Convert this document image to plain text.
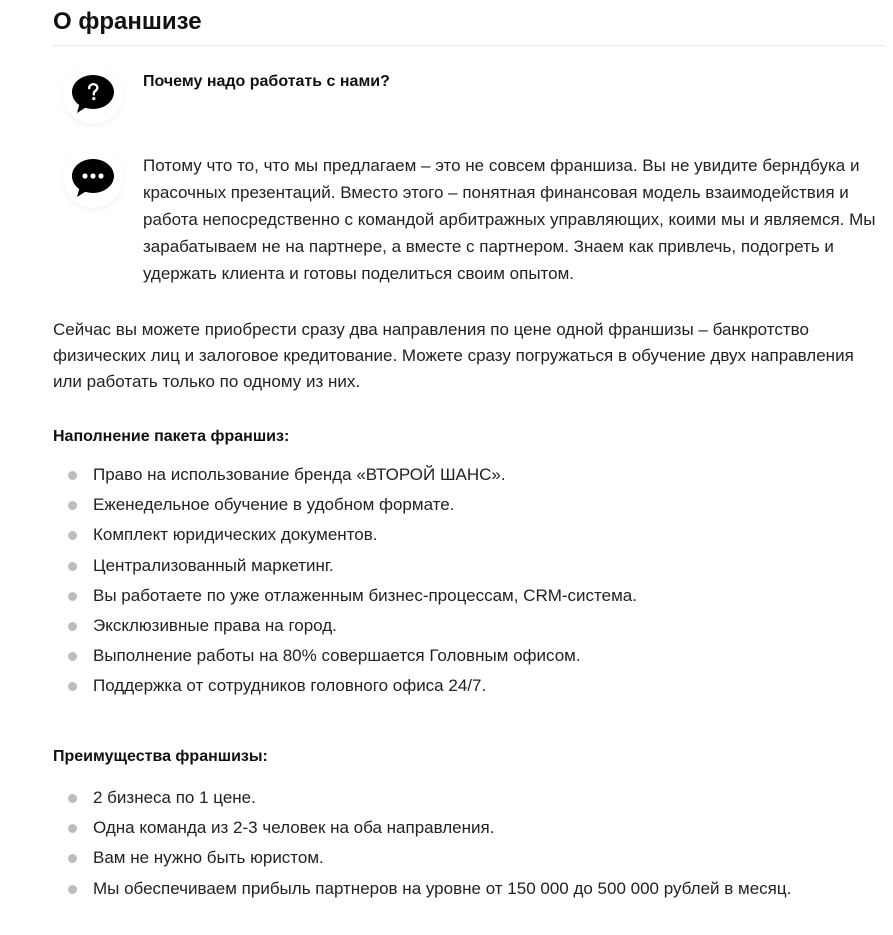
О франшизе

Почему надо работать с нами?

Потому что то, что мы предлагаем – это не совсем франшиза. Вы не увидите берндбука и красочных презентаций. Вместо этого – понятная финансовая модель взаимодействия и работа непосредственно с командой арбитражных управляющих, коими мы и являемся. Мы зарабатываем не на партнере, а вместе с партнером. Знаем как привлечь, подогреть и удержать клиента и готовы поделиться своим опытом.

Сейчас вы можете приобрести сразу два направления по цене одной франшизы – банкротство физических лиц и залоговое кредитование. Можете сразу погружаться в обучение двух направления или работать только по одному из них.

Наполнение пакета франшиз:
Право на использование бренда «ВТОРОЙ ШАНС».
Еженедельное обучение в удобном формате.
Комплект юридических документов.
Централизованный маркетинг.
Вы работаете по уже отлаженным бизнес-процессам, CRM-система.
Эксклюзивные права на город.
Выполнение работы на 80% совершается Головным офисом.
Поддержка от сотрудников головного офиса 24/7.
Преимущества франшизы:
2 бизнеса по 1 цене.
Одна команда из 2-3 человек на оба направления.
Вам не нужно быть юристом.
Мы обеспечиваем прибыль партнеров на уровне от 150 000 до 500 000 рублей в месяц.
